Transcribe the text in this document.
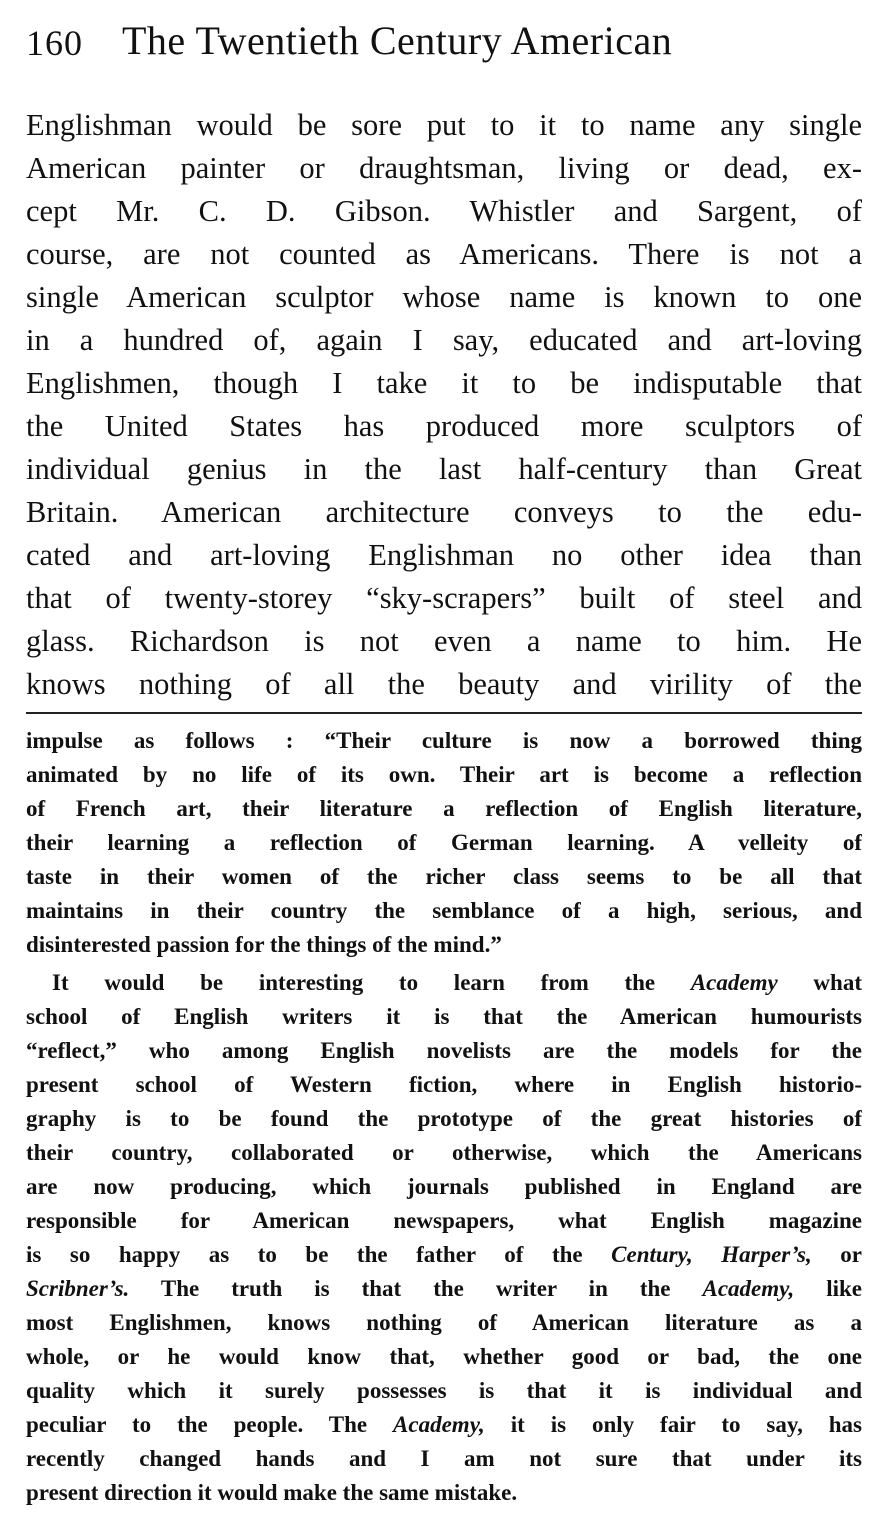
160 The Twentieth Century American
Englishman would be sore put to it to name any single
American painter or draughtsman, living or dead, ex-
cept Mr. C. D. Gibson. Whistler and Sargent, of
course, are not counted as Americans. There is not a
single American sculptor whose name is known to one
in a hundred of, again I say, educated and art-loving
Englishmen, though I take it to be indisputable that
the United States has produced more sculptors of
individual genius in the last half-century than Great
Britain. American architecture conveys to the edu-
cated and art-loving Englishman no other idea than
that of twenty-storey “sky-scrapers” built of steel and
glass. Richardson is not even a name to him. He
knows nothing of all the beauty and virility of the
impulse as follows : “Their culture is now a borrowed thing
animated by no life of its own. Their art is become a reflection
of French art, their literature a reflection of English literature,
their learning a reflection of German learning. A velleity of
taste in their women of the richer class seems to be all that
maintains in their country the semblance of a high, serious, and
disinterested passion for the things of the mind.”
It would be interesting to learn from the Academy what
school of English writers it is that the American humourists
“reflect,” who among English novelists are the models for the
present school of Western fiction, where in English historio-
graphy is to be found the prototype of the great histories of
their country, collaborated or otherwise, which the Americans
are now producing, which journals published in England are
responsible for American newspapers, what English magazine
is so happy as to be the father of the Century, Harper’s, or
Scribner’s. The truth is that the writer in the Academy, like
most Englishmen, knows nothing of American literature as a
whole, or he would know that, whether good or bad, the one
quality which it surely possesses is that it is individual and
peculiar to the people. The Academy, it is only fair to say, has
recently changed hands and I am not sure that under its
present direction it would make the same mistake.
